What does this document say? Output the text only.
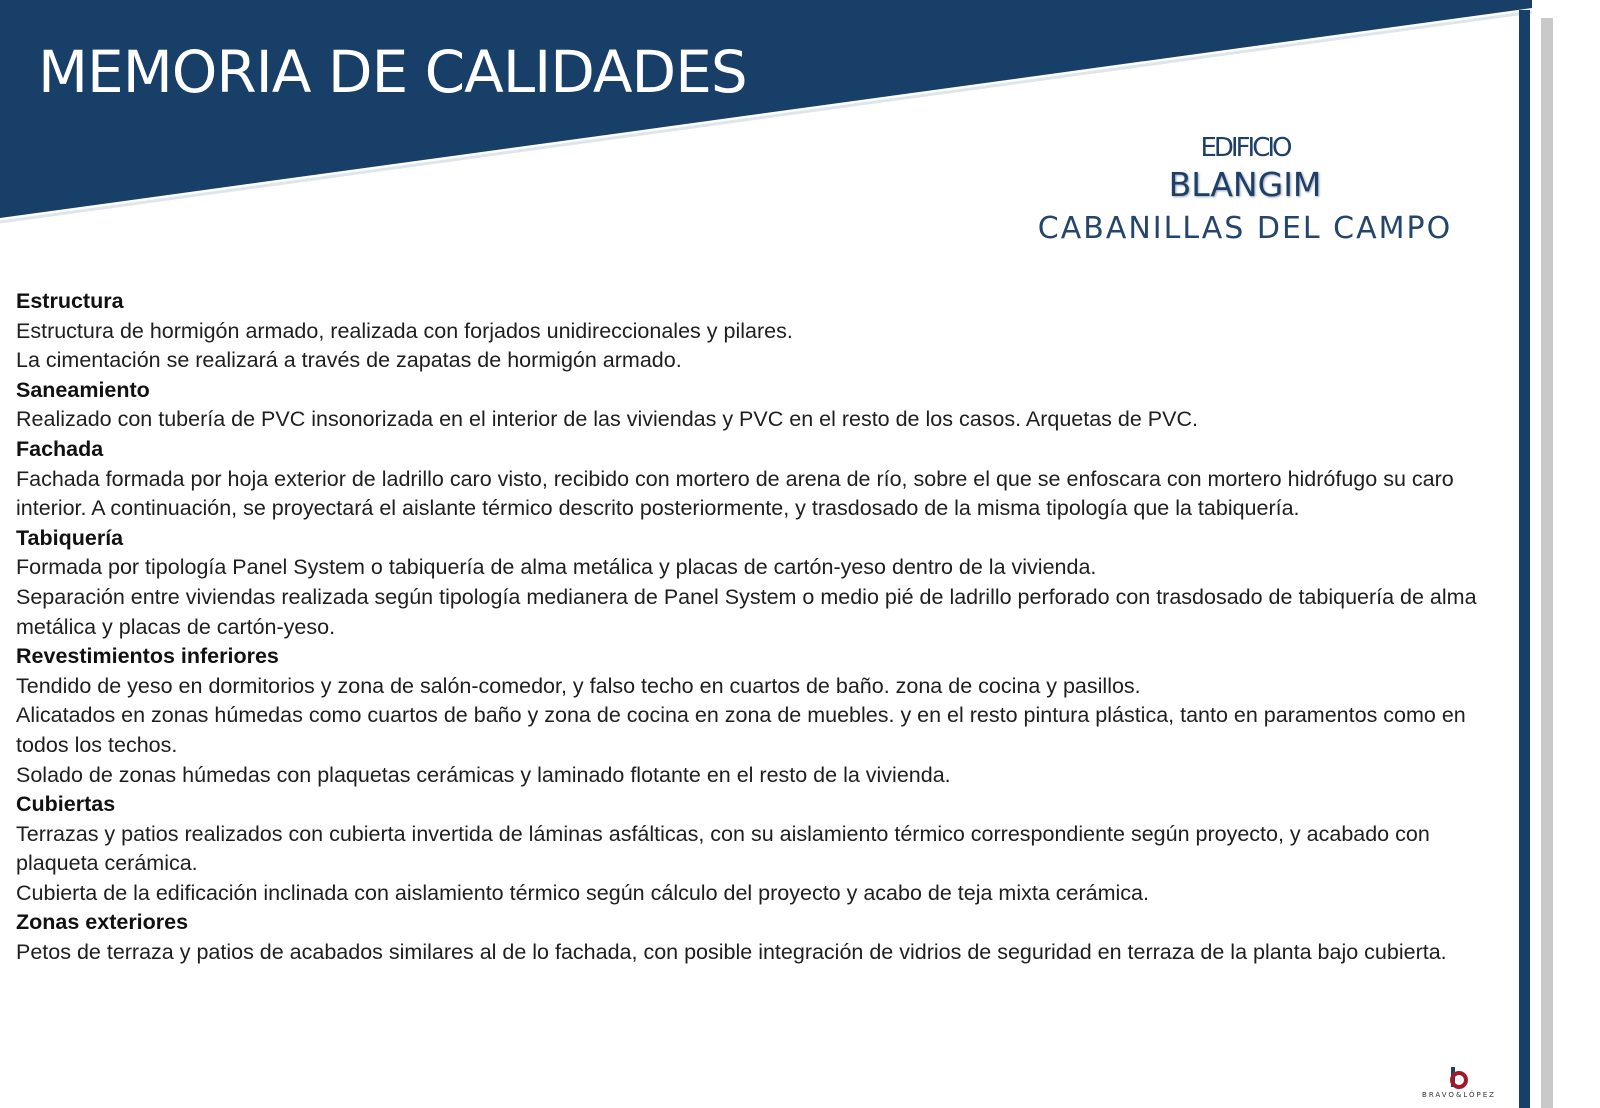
MEMORIA DE CALIDADES
EDIFICIO
BLANGIM
CABANILLAS DEL CAMPO
Estructura

Estructura de hormigón armado, realizada con forjados unidireccionales y pilares.

La cimentación se realizará a través de zapatas de hormigón armado.

Saneamiento

Realizado con tubería de PVC insonorizada en el interior de las viviendas y PVC en el resto de los casos. Arquetas de PVC.

Fachada

Fachada formada por hoja exterior de ladrillo caro visto, recibido con mortero de arena de río, sobre el que se enfoscara con mortero hidrófugo su caro interior. A continuación, se proyectará el aislante térmico descrito posteriormente, y trasdosado de la misma tipología que la tabiquería.

Tabiquería

Formada por tipología Panel System o tabiquería de alma metálica y placas de cartón-yeso dentro de la vivienda.

Separación entre viviendas realizada según tipología medianera de Panel System o medio pié de ladrillo perforado con trasdosado de tabiquería de alma metálica y placas de cartón-yeso.

Revestimientos inferiores

Tendido de yeso en dormitorios y zona de salón-comedor, y falso techo en cuartos de baño. zona de cocina y pasillos.

Alicatados en zonas húmedas como cuartos de baño y zona de cocina en zona de muebles. y en el resto pintura plástica, tanto en paramentos como en todos los techos.

Solado de zonas húmedas con plaquetas cerámicas y laminado flotante en el resto de la vivienda.

Cubiertas

Terrazas y patios realizados con cubierta invertida de láminas asfálticas, con su aislamiento térmico correspondiente según proyecto, y acabado con plaqueta cerámica.

Cubierta de la edificación inclinada con aislamiento térmico según cálculo del proyecto y acabo de teja mixta cerámica.

Zonas exteriores

Petos de terraza y patios de acabados similares al de lo fachada, con posible integración de vidrios de seguridad en terraza de la planta bajo cubierta.

BRAVO&LÓPEZ
